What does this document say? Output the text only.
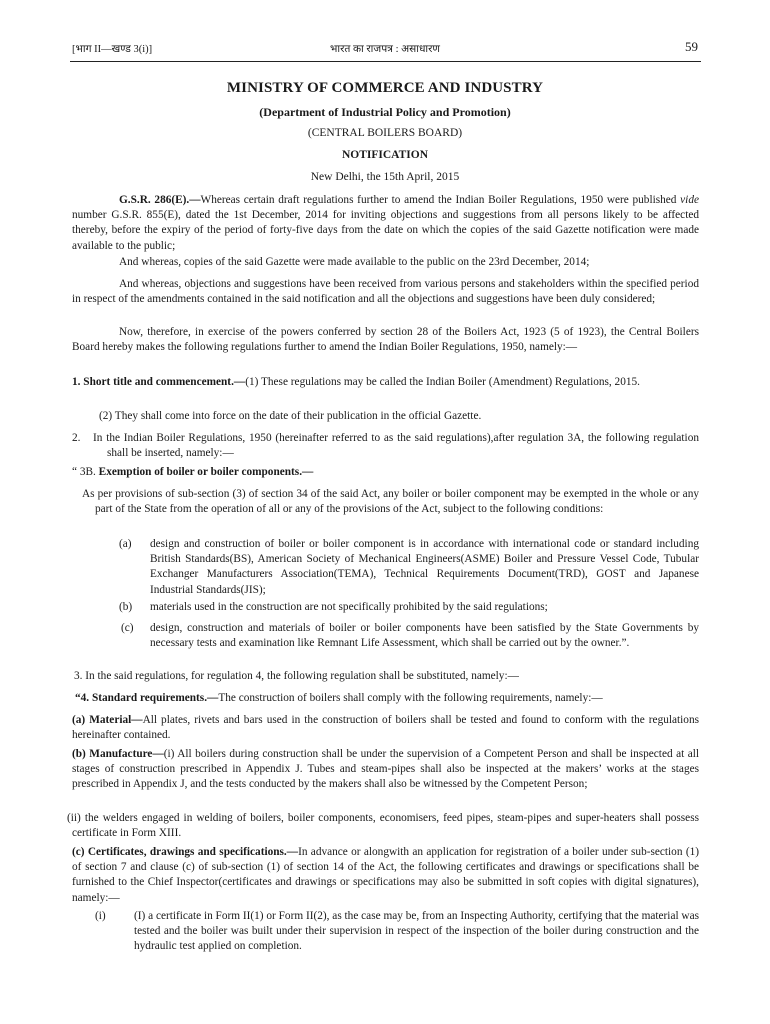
[भाग II—खण्ड 3(i)]	भारत का राजपत्र : असाधारण	59
MINISTRY OF COMMERCE AND INDUSTRY
(Department of Industrial Policy and Promotion)
(CENTRAL BOILERS BOARD)
NOTIFICATION
New Delhi, the 15th April, 2015

G.S.R. 286(E).—Whereas certain draft regulations further to amend the Indian Boiler Regulations, 1950 were published vide number G.S.R. 855(E), dated the 1st December, 2014 for inviting objections and suggestions from all persons likely to be affected thereby, before the expiry of the period of forty-five days from the date on which the copies of the said Gazette notification were made available to the public;

And whereas, copies of the said Gazette were made available to the public on the 23rd December, 2014;

And whereas, objections and suggestions have been received from various persons and stakeholders within the specified period in respect of the amendments contained in the said notification and all the objections and suggestions have been duly considered;

Now, therefore, in exercise of the powers conferred by section 28 of the Boilers Act, 1923 (5 of 1923), the Central Boilers Board hereby makes the following regulations further to amend the Indian Boiler Regulations, 1950, namely:—

1. Short title and commencement.—(1) These regulations may be called the Indian Boiler (Amendment) Regulations, 2015.

(2) They shall come into force on the date of their publication in the official Gazette.

2. In the Indian Boiler Regulations, 1950 (hereinafter referred to as the said regulations),after regulation 3A, the following regulation shall be inserted, namely:—

“ 3B. Exemption of boiler or boiler components.—

As per provisions of sub-section (3) of section 34 of the said Act, any boiler or boiler component may be exempted in the whole or any part of the State from the operation of all or any of the provisions of the Act, subject to the following conditions:

(a) design and construction of boiler or boiler component is in accordance with international code or standard including British Standards(BS), American Society of Mechanical Engineers(ASME) Boiler and Pressure Vessel Code, Tubular Exchanger Manufacturers Association(TEMA), Technical Requirements Document(TRD), GOST and Japanese Industrial Standards(JIS);

(b) materials used in the construction are not specifically prohibited by the said regulations;

(c) design, construction and materials of boiler or boiler components have been satisfied by the State Governments by necessary tests and examination like Remnant Life Assessment, which shall be carried out by the owner.”.

3. In the said regulations, for regulation 4, the following regulation shall be substituted, namely:—

“4. Standard requirements.—The construction of boilers shall comply with the following requirements, namely:—

(a) Material—All plates, rivets and bars used in the construction of boilers shall be tested and found to conform with the regulations hereinafter contained.

(b) Manufacture—(i) All boilers during construction shall be under the supervision of a Competent Person and shall be inspected at all stages of construction prescribed in Appendix J. Tubes and steam-pipes shall also be inspected at the makers’ works at the stages prescribed in Appendix J, and the tests conducted by the makers shall also be witnessed by the Competent Person;

(ii) the welders engaged in welding of boilers, boiler components, economisers, feed pipes, steam-pipes and super-heaters shall possess certificate in Form XIII.

(c) Certificates, drawings and specifications.—In advance or alongwith an application for registration of a boiler under sub-section (1) of section 7 and clause (c) of sub-section (1) of section 14 of the Act, the following certificates and drawings or specifications shall be furnished to the Chief Inspector(certificates and drawings or specifications may also be submitted in soft copies with digital signatures), namely:—

(i)	(I) a certificate in Form II(1) or Form II(2), as the case may be, from an Inspecting Authority, certifying that the material was tested and the boiler was built under their supervision in respect of the inspection of the boiler during construction and the hydraulic test applied on completion.
